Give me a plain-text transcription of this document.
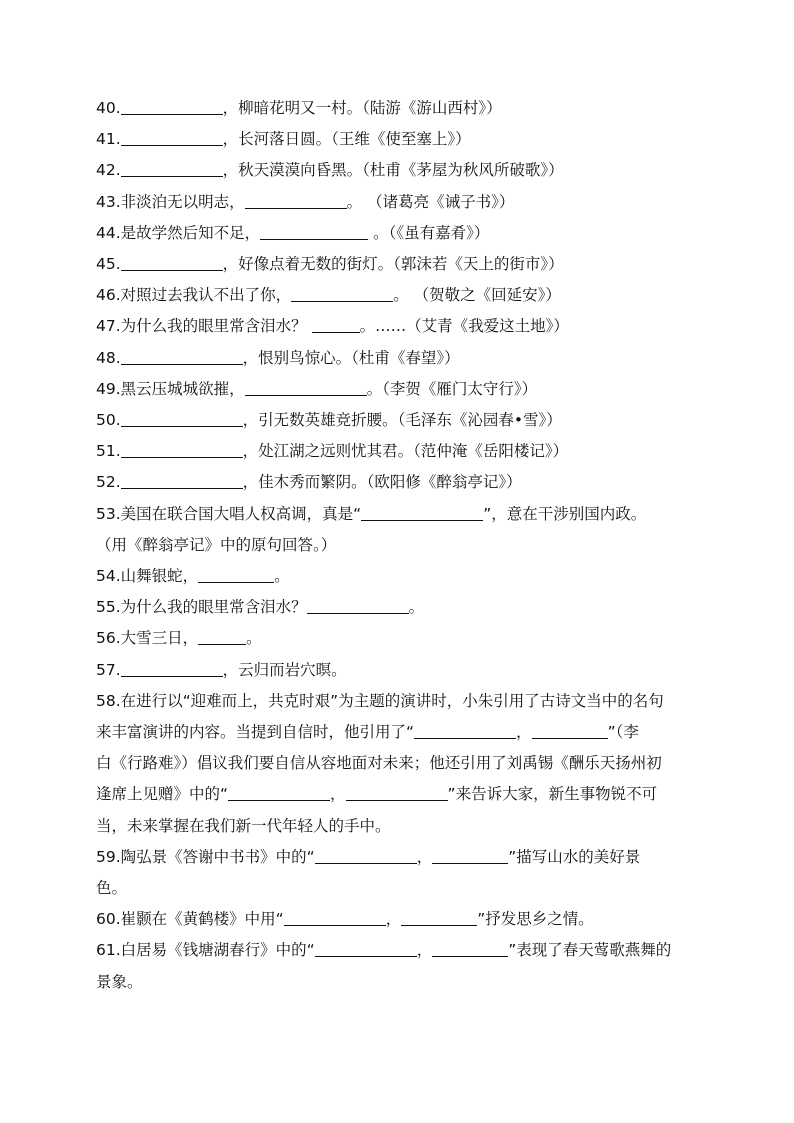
40.	，柳暗花明又一村。（陆游《游山西村》）
41.	，长河落日圆。（王维《使至塞上》）
42.	，秋天漠漠向昏黑。（杜甫《茅屋为秋风所破歌》）
43.非淡泊无以明志，	。 （诸葛亮《诫子书》）
44.是故学然后知不足，	。（《虽有嘉肴》）
45.	，好像点着无数的街灯。（郭沫若《天上的街市》）
46.对照过去我认不出了你，	。 （贺敬之《回延安》）
47.为什么我的眼里常含泪水？	。……（艾青《我爱这土地》）
48.	，恨别鸟惊心。（杜甫《春望》）
49.黑云压城城欲摧，	。（李贺《雁门太守行》）
50.	，引无数英雄竞折腰。（毛泽东《沁园春•雪》）
51.	，处江湖之远则忧其君。（范仲淹《岳阳楼记》）
52.	，佳木秀而繁阴。（欧阳修《醉翁亭记》）
53.美国在联合国大唱人权高调，真是“	”，意在干涉别国内政。
（用《醉翁亭记》中的原句回答。）
54.山舞银蛇，	。
55.为什么我的眼里常含泪水？	。
56.大雪三日，	。
57.	，云归而岩穴暝。
58.在进行以“迎难而上，共克时艰”为主题的演讲时，小朱引用了古诗文当中的名句
来丰富演讲的内容。当提到自信时，他引用了“	，	”（李
白《行路难》）倡议我们要自信从容地面对未来；他还引用了刘禹锡《酬乐天扬州初
逢席上见赠》中的“	，	”来告诉大家，新生事物锐不可
当，未来掌握在我们新一代年轻人的手中。
59.陶弘景《答谢中书书》中的“	，	”描写山水的美好景
色。
60.崔颢在《黄鹤楼》中用“	，	”抒发思乡之情。
61.白居易《钱塘湖春行》中的“	，	”表现了春天莺歌燕舞的
景象。
